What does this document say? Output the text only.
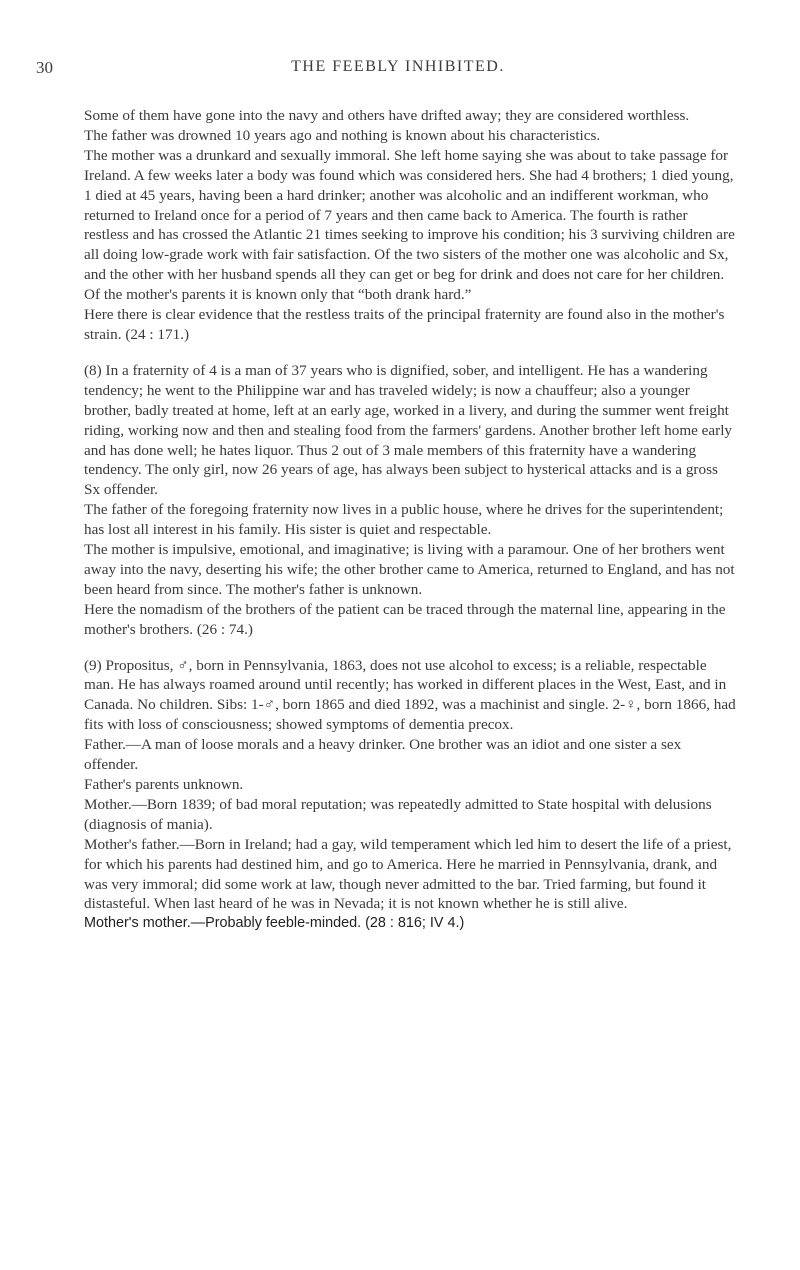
30	THE FEEBLY INHIBITED.

Some of them have gone into the navy and others have drifted away; they are considered worthless.

The father was drowned 10 years ago and nothing is known about his characteristics.

The mother was a drunkard and sexually immoral. She left home saying she was about to take passage for Ireland. A few weeks later a body was found which was considered hers. She had 4 brothers; 1 died young, 1 died at 45 years, having been a hard drinker; another was alcoholic and an indifferent workman, who returned to Ireland once for a period of 7 years and then came back to America. The fourth is rather restless and has crossed the Atlantic 21 times seeking to improve his condition; his 3 surviving children are all doing low-grade work with fair satisfaction. Of the two sisters of the mother one was alcoholic and Sx, and the other with her husband spends all they can get or beg for drink and does not care for her children.

Of the mother's parents it is known only that “both drank hard.”

Here there is clear evidence that the restless traits of the principal fraternity are found also in the mother's strain. (24 : 171.)

(8) In a fraternity of 4 is a man of 37 years who is dignified, sober, and intelligent. He has a wandering tendency; he went to the Philippine war and has traveled widely; is now a chauffeur; also a younger brother, badly treated at home, left at an early age, worked in a livery, and during the summer went freight riding, working now and then and stealing food from the farmers' gardens. Another brother left home early and has done well; he hates liquor. Thus 2 out of 3 male members of this fraternity have a wandering tendency. The only girl, now 26 years of age, has always been subject to hysterical attacks and is a gross Sx offender.

The father of the foregoing fraternity now lives in a public house, where he drives for the superintendent; has lost all interest in his family. His sister is quiet and respectable.

The mother is impulsive, emotional, and imaginative; is living with a paramour. One of her brothers went away into the navy, deserting his wife; the other brother came to America, returned to England, and has not been heard from since. The mother's father is unknown.

Here the nomadism of the brothers of the patient can be traced through the maternal line, appearing in the mother's brothers. (26 : 74.)

(9) Propositus, ♂, born in Pennsylvania, 1863, does not use alcohol to excess; is a reliable, respectable man. He has always roamed around until recently; has worked in different places in the West, East, and in Canada. No children. Sibs: 1-♂, born 1865 and died 1892, was a machinist and single. 2-♀, born 1866, had fits with loss of consciousness; showed symptoms of dementia precox.

Father.—A man of loose morals and a heavy drinker. One brother was an idiot and one sister a sex offender.

Father's parents unknown.

Mother.—Born 1839; of bad moral reputation; was repeatedly admitted to State hospital with delusions (diagnosis of mania).

Mother's father.—Born in Ireland; had a gay, wild temperament which led him to desert the life of a priest, for which his parents had destined him, and go to America. Here he married in Pennsylvania, drank, and was very immoral; did some work at law, though never admitted to the bar. Tried farming, but found it distasteful. When last heard of he was in Nevada; it is not known whether he is still alive.

Mother's mother.—Probably feeble-minded. (28 : 816; IV 4.)
